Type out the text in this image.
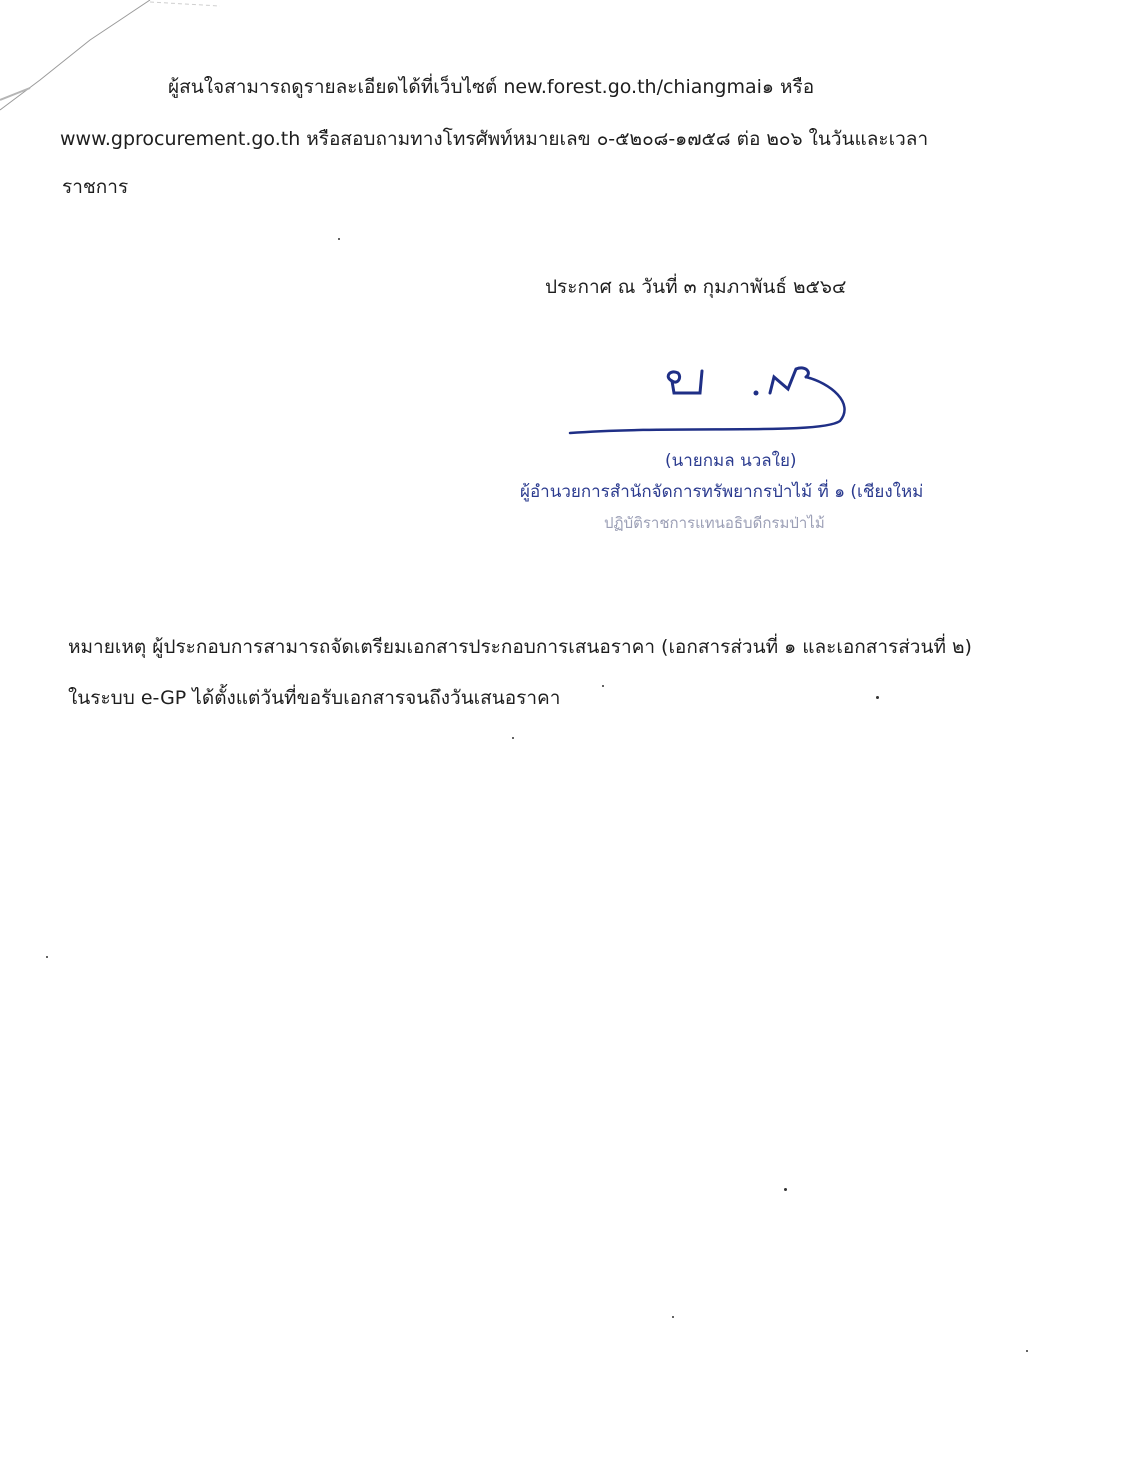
ผู้สนใจสามารถดูรายละเอียดได้ที่เว็บไซต์ new.forest.go.th/chiangmai๑ หรือ
www.gprocurement.go.th หรือสอบถามทางโทรศัพท์หมายเลข ๐-๕๒๐๘-๑๗๕๘ ต่อ ๒๐๖ ในวันและเวลา
ราชการ
ประกาศ ณ วันที่ ๓ กุมภาพันธ์ ๒๕๖๔
(นายกมล นวลใย)
ผู้อำนวยการสำนักจัดการทรัพยากรป่าไม้ ที่ ๑ (เชียงใหม่
ปฏิบัติราชการแทนอธิบดีกรมป่าไม้
หมายเหตุ ผู้ประกอบการสามารถจัดเตรียมเอกสารประกอบการเสนอราคา (เอกสารส่วนที่ ๑ และเอกสารส่วนที่ ๒)
ในระบบ e-GP ได้ตั้งแต่วันที่ขอรับเอกสารจนถึงวันเสนอราคา
